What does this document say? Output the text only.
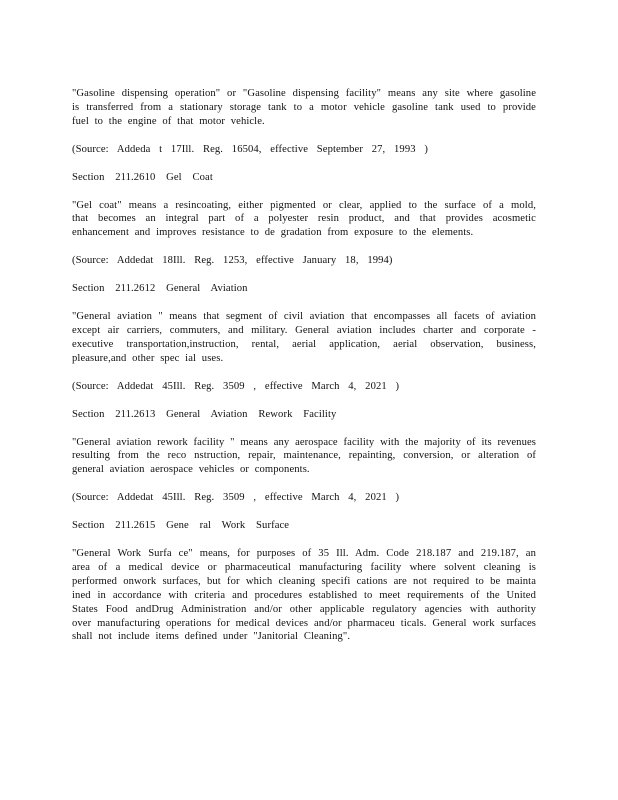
"Gasoline dispensing operation" or "Gasoline dispensing facility" means any site where gasoline is transferred from a stationary storage tank to a motor vehicle gasoline tank used to provide fuel to the engine of that motor vehicle.

(Source: Addeda t 17Ill. Reg. 16504, effective September 27, 1993 )

Section 211.2610 Gel Coat

"Gel coat" means a resincoating, either pigmented or clear, applied to the surface of a mold, that becomes an integral part of a polyester resin product, and that provides acosmetic enhancement and improves resistance to de gradation from exposure to the elements.

(Source: Addedat 18Ill. Reg. 1253, effective January 18, 1994)

Section 211.2612 General Aviation

"General aviation " means that segment of civil aviation that encompasses all facets of aviation except air carriers, commuters, and military. General aviation includes charter and corporate - executive transportation,instruction, rental, aerial application, aerial observation, business, pleasure,and other spec ial uses.

(Source: Addedat 45Ill. Reg. 3509 , effective March 4, 2021 )

Section 211.2613 General Aviation Rework Facility

"General aviation rework facility " means any aerospace facility with the majority of its revenues resulting from the reco nstruction, repair, maintenance, repainting, conversion, or alteration of general aviation aerospace vehicles or components.

(Source: Addedat 45Ill. Reg. 3509 , effective March 4, 2021 )

Section 211.2615 Gene ral Work Surface

"General Work Surfa ce" means, for purposes of 35 Ill. Adm. Code 218.187 and 219.187, an area of a medical device or pharmaceutical manufacturing facility where solvent cleaning is performed onwork surfaces, but for which cleaning specifi cations are not required to be mainta ined in accordance with criteria and procedures established to meet requirements of the United States Food andDrug Administration and/or other applicable regulatory agencies with authority over manufacturing operations for medical devices and/or pharmaceu ticals. General work surfaces shall not include items defined under "Janitorial Cleaning".
